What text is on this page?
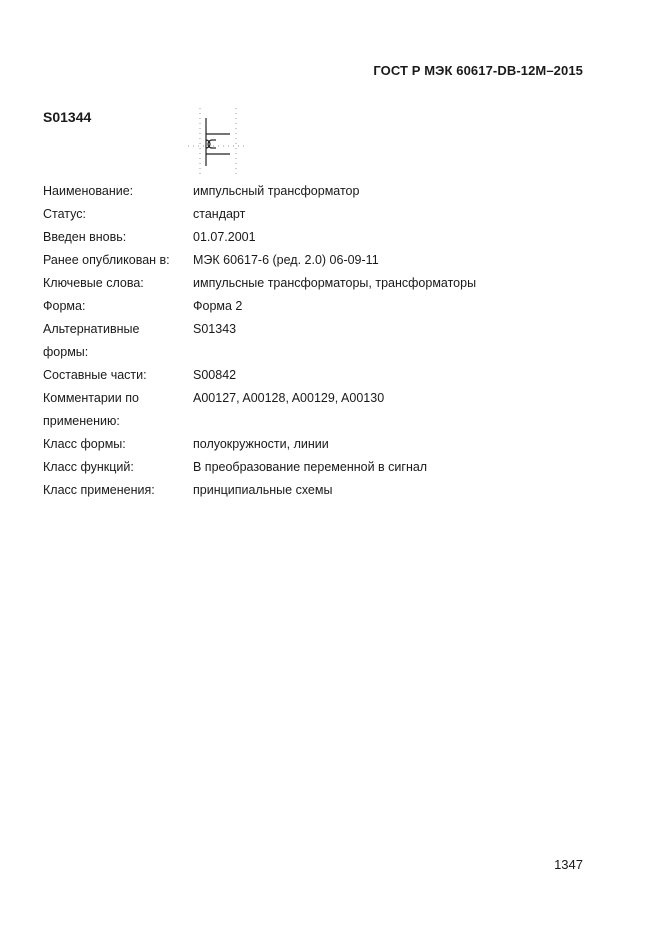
ГОСТ Р МЭК 60617-DB-12M–2015
S01344
Наименование:	импульсный трансформатор
Статус:	стандарт
Введен вновь:	01.07.2001
Ранее опубликован в:	МЭК 60617-6 (ред. 2.0) 06-09-11
Ключевые слова:	импульсные трансформаторы, трансформаторы
Форма:	Форма 2
Альтернативные	S01343
формы:
Составные части:	S00842
Комментарии по	A00127, A00128, A00129, A00130
применению:
Класс формы:	полуокружности, линии
Класс функций:	В преобразование переменной в сигнал
Класс применения:	принципиальные схемы
1347
